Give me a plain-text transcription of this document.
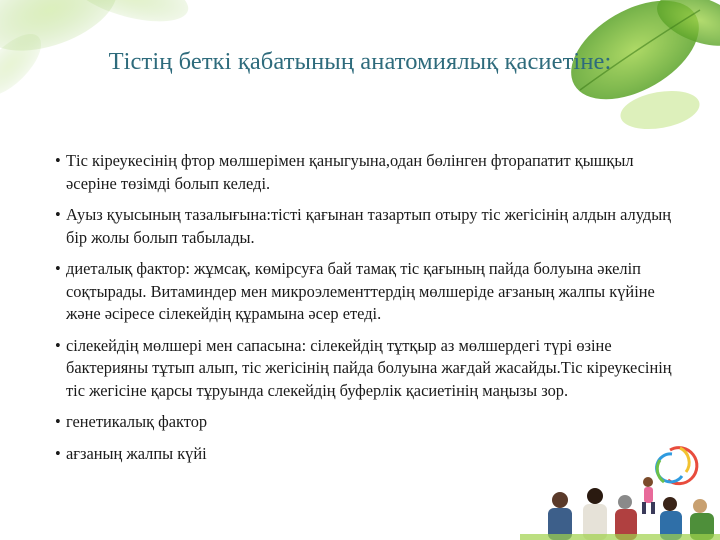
Тістің беткі қабатының анатомиялық қасиетіне:
• Тіс кіреукесінің фтор мөлшерімен қаныгуына,одан бөлінген фторапатит қышқыл әсеріне төзімді болып келеді.
• Ауыз қуысының тазалығына:тісті қағынан тазартып отыру тіс жегісінің алдын алудың бір жолы болып табылады.
• диеталық фактор: жұмсақ, көмірсуға бай тамақ тіс қағының пайда болуына әкеліп соқтырады. Витаминдер мен микроэлементтердің мөлшеріде ағзаның жалпы күйіне және әсіресе сілекейдің құрамына әсер етеді.
• сілекейдің мөлшері мен сапасына: сілекейдің тұтқыр аз мөлшердегі түрі өзіне бактерияны тұтып алып, тіс жегісінің пайда болуына жағдай жасайды.Тіс кіреукесінің тіс жегісіне қарсы тұруында слекейдің буферлік қасиетінің маңызы зор.
• генетикалық фактор
• ағзаның жалпы күйі
